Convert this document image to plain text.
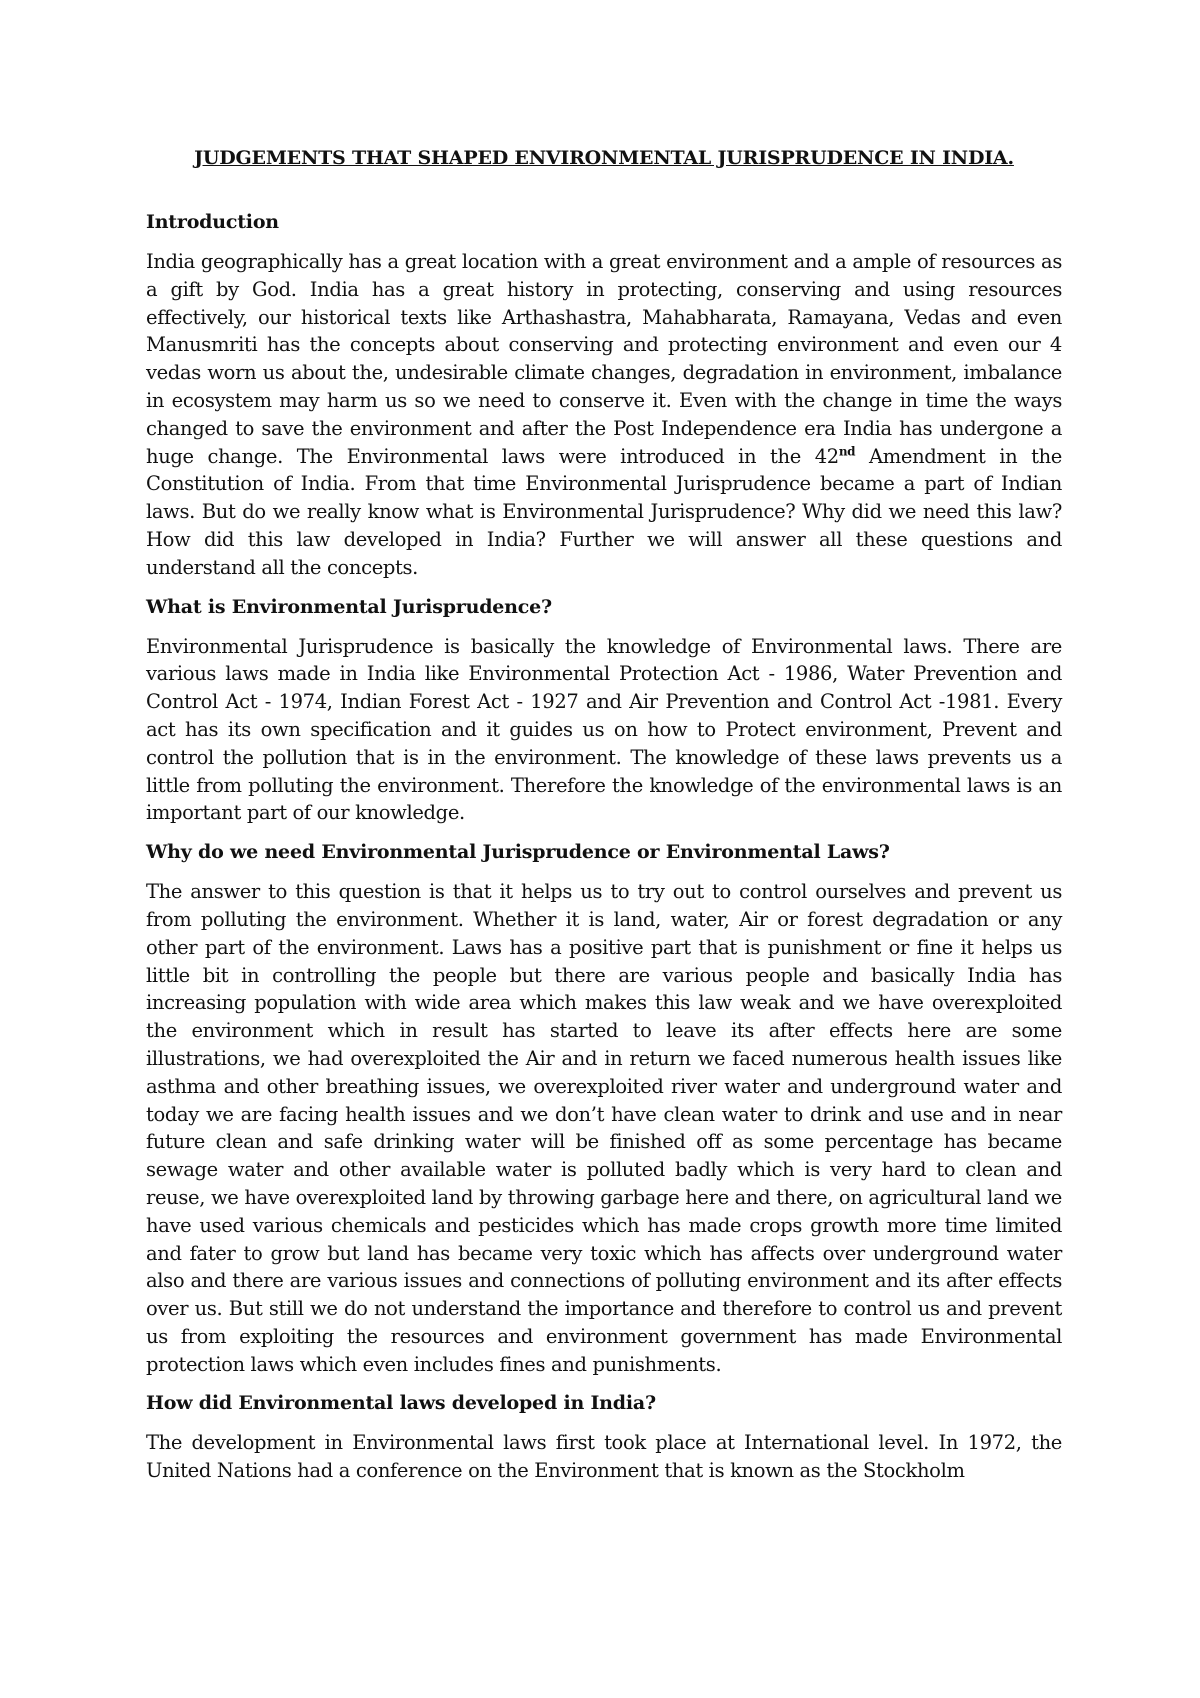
JUDGEMENTS THAT SHAPED ENVIRONMENTAL JURISPRUDENCE IN INDIA.
Introduction

India geographically has a great location with a great environment and a ample of resources as a gift by God. India has a great history in protecting, conserving and using resources effectively, our historical texts like Arthashastra, Mahabharata, Ramayana, Vedas and even Manusmriti has the concepts about conserving and protecting environment and even our 4 vedas worn us about the, undesirable climate changes, degradation in environment, imbalance in ecosystem may harm us so we need to conserve it. Even with the change in time the ways changed to save the environment and after the Post Independence era India has undergone a huge change. The Environmental laws were introduced in the 42nd Amendment in the Constitution of India. From that time Environmental Jurisprudence became a part of Indian laws. But do we really know what is Environmental Jurisprudence? Why did we need this law? How did this law developed in India? Further we will answer all these questions and understand all the concepts.

What is Environmental Jurisprudence?

Environmental Jurisprudence is basically the knowledge of Environmental laws. There are various laws made in India like Environmental Protection Act - 1986, Water Prevention and Control Act - 1974, Indian Forest Act - 1927 and Air Prevention and Control Act -1981. Every act has its own specification and it guides us on how to Protect environment, Prevent and control the pollution that is in the environment. The knowledge of these laws prevents us a little from polluting the environment. Therefore the knowledge of the environmental laws is an important part of our knowledge.

Why do we need Environmental Jurisprudence or Environmental Laws?

The answer to this question is that it helps us to try out to control ourselves and prevent us from polluting the environment. Whether it is land, water, Air or forest degradation or any other part of the environment. Laws has a positive part that is punishment or fine it helps us little bit in controlling the people but there are various people and basically India has increasing population with wide area which makes this law weak and we have overexploited the environment which in result has started to leave its after effects here are some illustrations, we had overexploited the Air and in return we faced numerous health issues like asthma and other breathing issues, we overexploited river water and underground water and today we are facing health issues and we don’t have clean water to drink and use and in near future clean and safe drinking water will be finished off as some percentage has became sewage water and other available water is polluted badly which is very hard to clean and reuse, we have overexploited land by throwing garbage here and there, on agricultural land we have used various chemicals and pesticides which has made crops growth more time limited and fater to grow but land has became very toxic which has affects over underground water also and there are various issues and connections of polluting environment and its after effects over us. But still we do not understand the importance and therefore to control us and prevent us from exploiting the resources and environment government has made Environmental protection laws which even includes fines and punishments.

How did Environmental laws developed in India?

The development in Environmental laws first took place at International level. In 1972, the United Nations had a conference on the Environment that is known as the Stockholm
